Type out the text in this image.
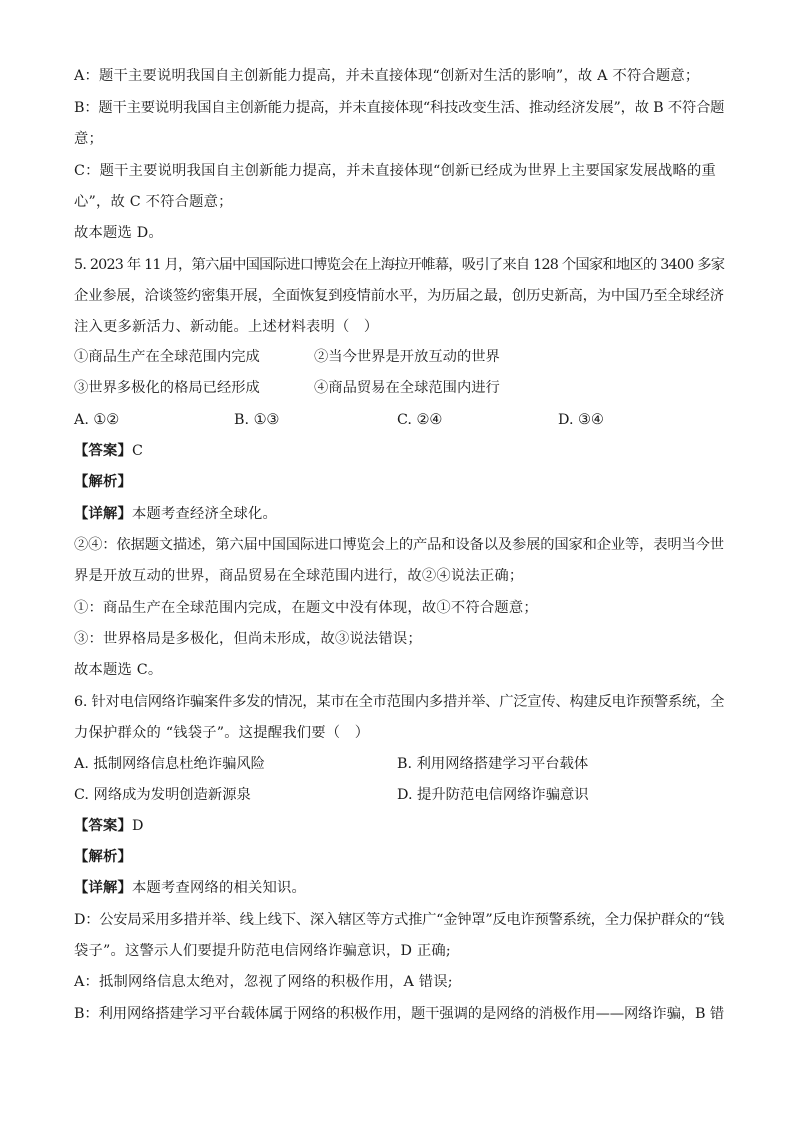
A：题干主要说明我国自主创新能力提高，并未直接体现“创新对生活的影响”，故 A 不符合题意；
B：题干主要说明我国自主创新能力提高，并未直接体现“科技改变生活、推动经济发展”，故 B 不符合题
意；
C：题干主要说明我国自主创新能力提高，并未直接体现“创新已经成为世界上主要国家发展战略的重
心”，故 C 不符合题意；
故本题选 D。
5. 2023 年 11 月，第六届中国国际进口博览会在上海拉开帷幕，吸引了来自 128 个国家和地区的 3400 多家
企业参展，洽谈签约密集开展，全面恢复到疫情前水平，为历届之最，创历史新高，为中国乃至全球经济
注入更多新活力、新动能。上述材料表明（　）
①商品生产在全球范围内完成	②当今世界是开放互动的世界
③世界多极化的格局已经形成	④商品贸易在全球范围内进行
A. ①②	B. ①③	C. ②④	D. ③④
【答案】C
【解析】
【详解】本题考查经济全球化。
②④：依据题文描述，第六届中国国际进口博览会上的产品和设备以及参展的国家和企业等，表明当今世
界是开放互动的世界，商品贸易在全球范围内进行，故②④说法正确；
①：商品生产在全球范围内完成，在题文中没有体现，故①不符合题意；
③：世界格局是多极化，但尚未形成，故③说法错误；
故本题选 C。
6. 针对电信网络诈骗案件多发的情况，某市在全市范围内多措并举、广泛宣传、构建反电诈预警系统，全
力保护群众的 “钱袋子”。这提醒我们要（　）
A. 抵制网络信息杜绝诈骗风险	B. 利用网络搭建学习平台载体
C. 网络成为发明创造新源泉	D. 提升防范电信网络诈骗意识
【答案】D
【解析】
【详解】本题考查网络的相关知识。
D：公安局采用多措并举、线上线下、深入辖区等方式推广“金钟罩”反电诈预警系统，全力保护群众的“钱
袋子”。这警示人们要提升防范电信网络诈骗意识，D 正确;
A：抵制网络信息太绝对，忽视了网络的积极作用，A 错误;
B：利用网络搭建学习平台载体属于网络的积极作用，题干强调的是网络的消极作用——网络诈骗，B 错
